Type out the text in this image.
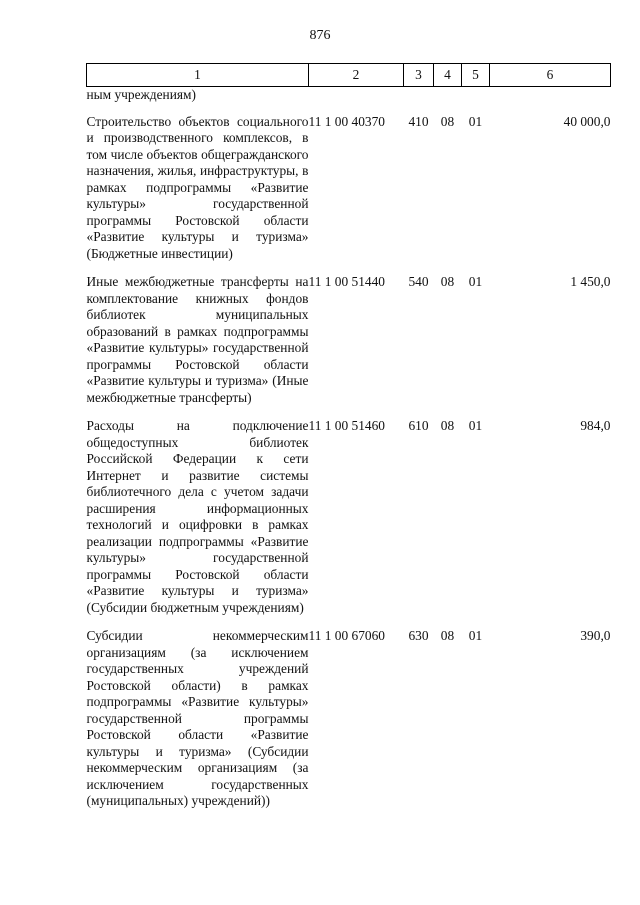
876
1	2	3	4	5	6
ным учреждениям)					
Строительство объектов социального и производственного комплексов, в том числе объектов общегражданского назначения, жилья, инфраструктуры, в рамках подпрограммы «Развитие культуры» государственной программы Ростовской области «Развитие культуры и туризма» (Бюджетные инвестиции)	11 1 00 40370	410	08	01	40 000,0
Иные межбюджетные трансферты на комплектование книжных фондов библиотек муниципальных образований в рамках подпрограммы «Развитие культуры» государственной программы Ростовской области «Развитие культуры и туризма» (Иные межбюджетные трансферты)	11 1 00 51440	540	08	01	1 450,0
Расходы на подключение общедоступных библиотек Российской Федерации к сети Интернет и развитие системы библиотечного дела с учетом задачи расширения информационных технологий и оцифровки в рамках реализации подпрограммы «Развитие культуры» государственной программы Ростовской области «Развитие культуры и туризма» (Субсидии бюджетным учреждениям)	11 1 00 51460	610	08	01	984,0
Субсидии некоммерческим организациям (за исключением государственных учреждений Ростовской области) в рамках подпрограммы «Развитие культуры» государственной программы Ростовской области «Развитие культуры и туризма» (Субсидии некоммерческим организациям (за исключением государственных (муниципальных) учреждений))	11 1 00 67060	630	08	01	390,0
